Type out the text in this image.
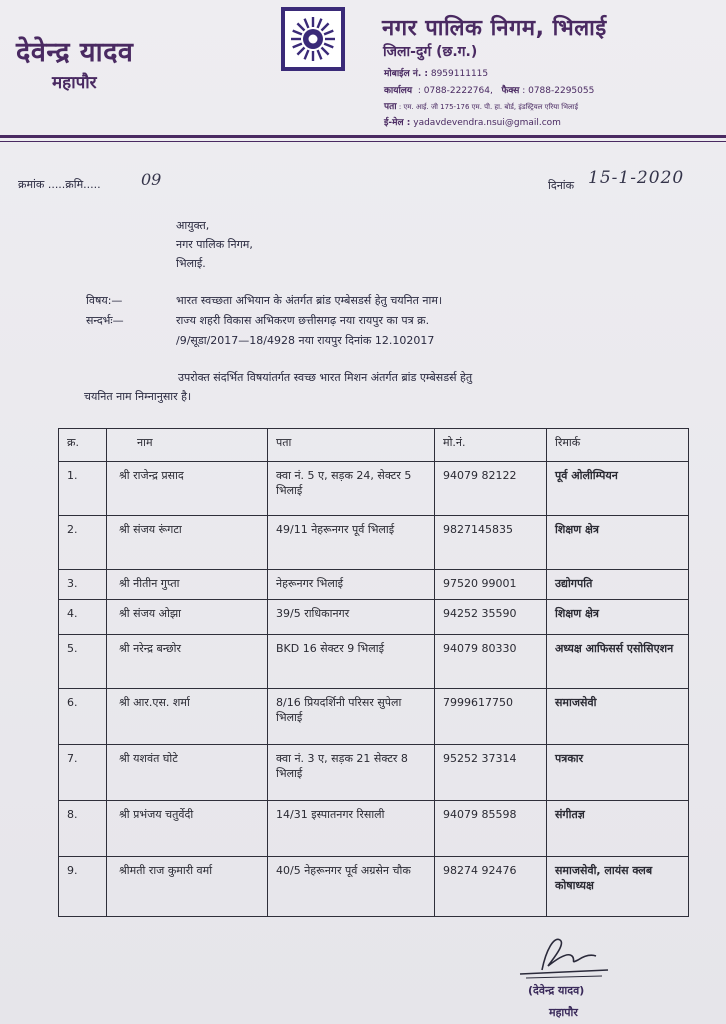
देवेन्द्र यादव
महापौर
नगर पालिक निगम, भिलाई
जिला-दुर्ग (छ.ग.)
मोबाईल नं. : 8959111115
कार्यालय : 0788-2222764, फैक्स : 0788-2295055
पता : एम. आई. जी 175-176 एम. पी. हा. बोर्ड, इंडस्ट्रियल एरिया भिलाई
ई-मेल : yadavdevendra.nsui@gmail.com
क्रमांक .....क्रमि.....	09	दिनांक 15-1-2020
आयुक्त,
नगर पालिक निगम,
भिलाई.
विषय:—	भारत स्वच्छता अभियान के अंतर्गत ब्रांड एम्बेसडर्स हेतु चयनित नाम।
सन्दर्भः—	राज्य शहरी विकास अभिकरण छत्तीसगढ़ नया रायपुर का पत्र क्र.
/9/सूडा/2017—18/4928 नया रायपुर दिनांक 12.102017
उपरोक्त संदर्भित विषयांतर्गत स्वच्छ भारत मिशन अंतर्गत ब्रांड एम्बेसडर्स हेतु
चयनित नाम निम्नानुसार है।
क्र.	नाम	पता	मो.नं.	रिमार्क
1.	श्री राजेन्द्र प्रसाद	क्वा नं. 5 ए, सड़क 24, सेक्टर 5 भिलाई	94079 82122	पूर्व ओलीम्पियन
2.	श्री संजय रूंगटा	49/11 नेहरूनगर पूर्व भिलाई	9827145835	शिक्षण क्षेत्र
3.	श्री नीतीन गुप्ता	नेहरूनगर भिलाई	97520 99001	उद्योगपति
4.	श्री संजय ओझा	39/5 राधिकानगर	94252 35590	शिक्षण क्षेत्र
5.	श्री नरेन्द्र बन्छोर	BKD 16 सेक्टर 9 भिलाई	94079 80330	अध्यक्ष आफिसर्स एसोसिएशन
6.	श्री आर.एस. शर्मा	8/16 प्रियदर्शिनी परिसर सुपेला भिलाई	7999617750	समाजसेवी
7.	श्री यशवंत घोटे	क्वा नं. 3 ए, सड़क 21 सेक्टर 8 भिलाई	95252 37314	पत्रकार
8.	श्री प्रभंजय चतुर्वेदी	14/31 इस्पातनगर रिसाली	94079 85598	संगीतज्ञ
9.	श्रीमती राज कुमारी वर्मा	40/5 नेहरूनगर पूर्व अग्रसेन चौक	98274 92476	समाजसेवी, लायंस क्लब कोषाध्यक्ष
(देवेन्द्र यादव)
महापौर
